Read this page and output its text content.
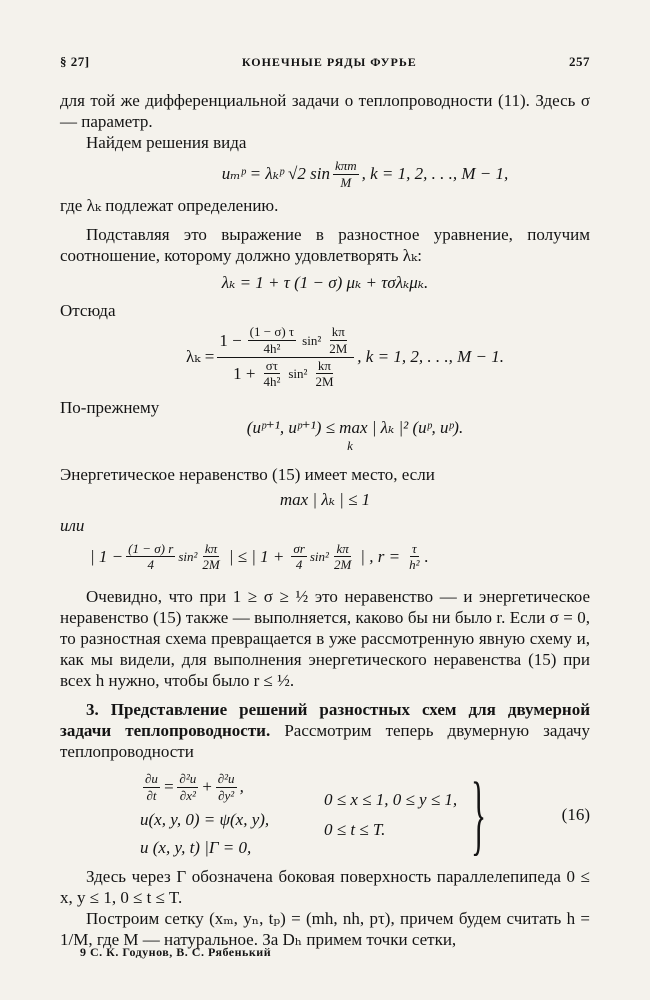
§ 27]	КОНЕЧНЫЕ РЯДЫ ФУРЬЕ	257

для той же дифференциальной задачи о теплопроводности (11). Здесь σ — параметр.

Найдем решения вида

uₘᵖ = λₖᵖ √2 $\sin \frac{\text{kπm}}{M}$ , k = 1, 2, . . ., M − 1,

где λₖ подлежат определению.

Подставляя это выражение в разностное уравнение, получим соотношение, которому должно удовлетворять λₖ:

λₖ = 1 + τ (1 − σ) μₖ + τσλₖμₖ.

Отсюда

λₖ =
$1 - \frac{(1 - \sigma) \tau}{\text{4h²}} \sin^2 \frac{k\pi}{2M}$
$1 + \frac{\sigma\tau}{\text{4h²}} \sin^2 \frac{k\pi}{2M}$
, k = 1, 2, . . ., M − 1.

По-прежнему

(uᵖ⁺¹, uᵖ⁺¹) ≤ max | λₖ |² (uᵖ, uᵖ).
k

Энергетическое неравенство (15) имеет место, если

max | λₖ | ≤ 1

или

| $1 - \frac{(1 - \sigma) r}{4} \sin^2 \frac{k\pi}{2M}$ | ≤ | $1 + \frac{\sigma r}{4} \sin^2 \frac{k\pi}{2M}$ | , $r = \frac{\tau}{\text{h²}}$ .

Очевидно, что при 1 ≥ σ ≥ ½ это неравенство — и энергетическое неравенство (15) также — выполняется, каково бы ни было r. Если σ = 0, то разностная схема превращается в уже рассмотренную явную схему и, как мы видели, для выполнения энергетического неравенства (15) при всех h нужно, чтобы было r ≤ ½.

3. Представление решений разностных схем для двумерной задачи теплопроводности. Рассмотрим теперь двумерную задачу теплопроводности

$\frac{\partial u}{\partial t} = \frac{\text{∂²u}}{\text{∂x²}} + \frac{\text{∂²u}}{\text{∂y²}}$ ,
u(x, y, 0) = ψ(x, y),
u (x, y, t) |Γ = 0,
0 ≤ x ≤ 1, 0 ≤ y ≤ 1,
0 ≤ t ≤ T. }	(16)

Здесь через Γ обозначена боковая поверхность параллелепипеда 0 ≤ x, y ≤ 1, 0 ≤ t ≤ T.

Построим сетку (xₘ, yₙ, tₚ) = (mh, nh, pτ), причем будем считать h = 1/M, где M — натуральное. За Dₕ примем точки сетки,

9 С. К. Годунов, В. С. Рябенький
